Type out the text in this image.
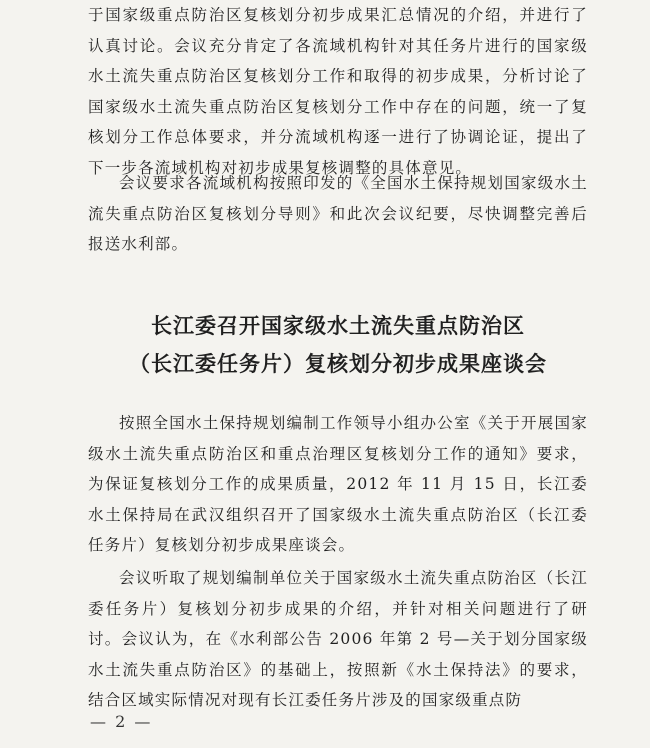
于国家级重点防治区复核划分初步成果汇总情况的介绍，并进行了认真讨论。会议充分肯定了各流域机构针对其任务片进行的国家级水土流失重点防治区复核划分工作和取得的初步成果，分析讨论了国家级水土流失重点防治区复核划分工作中存在的问题，统一了复核划分工作总体要求，并分流域机构逐一进行了协调论证，提出了下一步各流域机构对初步成果复核调整的具体意见。

会议要求各流域机构按照印发的《全国水土保持规划国家级水土流失重点防治区复核划分导则》和此次会议纪要，尽快调整完善后报送水利部。

长江委召开国家级水土流失重点防治区
（长江委任务片）复核划分初步成果座谈会

按照全国水土保持规划编制工作领导小组办公室《关于开展国家级水土流失重点防治区和重点治理区复核划分工作的通知》要求，为保证复核划分工作的成果质量，2012 年 11 月 15 日，长江委水土保持局在武汉组织召开了国家级水土流失重点防治区（长江委任务片）复核划分初步成果座谈会。

会议听取了规划编制单位关于国家级水土流失重点防治区（长江委任务片）复核划分初步成果的介绍，并针对相关问题进行了研讨。会议认为，在《水利部公告 2006 年第 2 号—关于划分国家级水土流失重点防治区》的基础上，按照新《水土保持法》的要求，结合区域实际情况对现有长江委任务片涉及的国家级重点防

— 2 —
